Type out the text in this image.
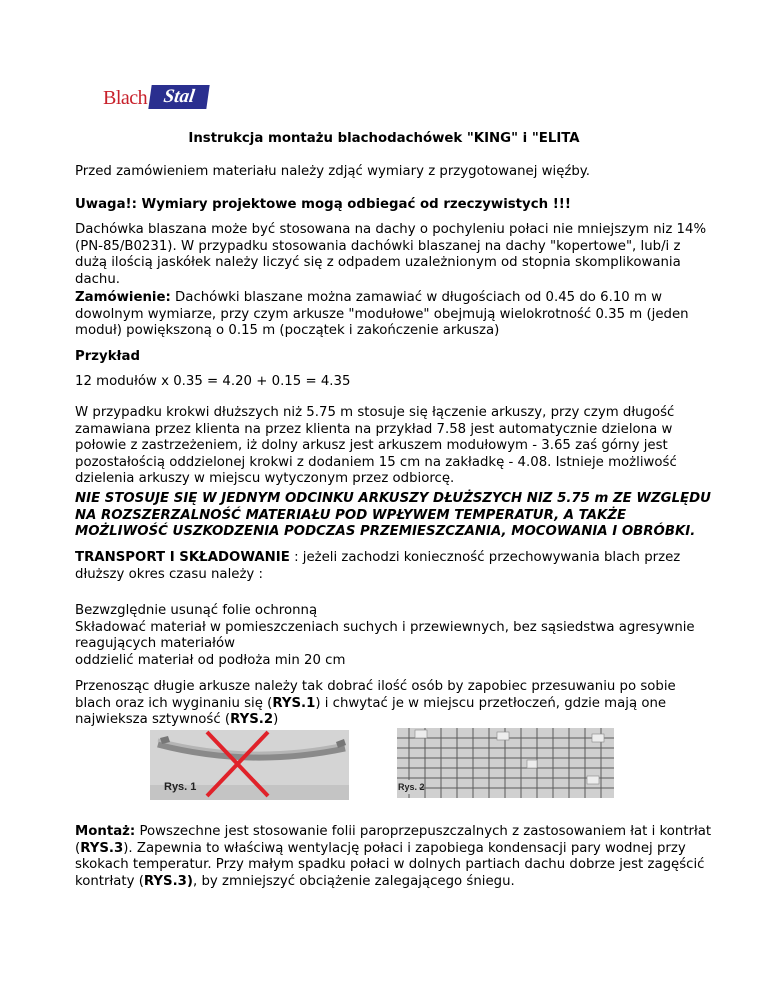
Blach Stal
Instrukcja montażu blachodachówek "KING" i "ELITA

Przed zamówieniem materiału należy zdjąć wymiary z przygotowanej więźby.

Uwaga!: Wymiary projektowe mogą odbiegać od rzeczywistych !!!

Dachówka blaszana może być stosowana na dachy o pochyleniu połaci nie mniejszym niz 14% (PN-85/B0231). W przypadku stosowania dachówki blaszanej na dachy "kopertowe", lub/i z dużą ilością jaskółek należy liczyć się z odpadem uzależnionym od stopnia skomplikowania dachu.

Zamówienie: Dachówki blaszane można zamawiać w długościach od 0.45 do 6.10 m w dowolnym wymiarze, przy czym arkusze "modułowe" obejmują wielokrotność 0.35 m (jeden moduł) powiększoną o 0.15 m (początek i zakończenie arkusza)

Przykład

12 modułów x 0.35 = 4.20 + 0.15 = 4.35

W przypadku krokwi dłuższych niż 5.75 m stosuje się łączenie arkuszy, przy czym długość zamawiana przez klienta na przez klienta na przykład 7.58 jest automatycznie dzielona w połowie z zastrzeżeniem, iż dolny arkusz jest arkuszem modułowym - 3.65 zaś górny jest pozostałością oddzielonej krokwi z dodaniem 15 cm na zakładkę - 4.08. Istnieje możliwość dzielenia arkuszy w miejscu wytyczonym przez odbiorcę.

NIE STOSUJE SIĘ W JEDNYM ODCINKU ARKUSZY DŁUŻSZYCH NIZ 5.75 m ZE WZGLĘDU NA ROZSZERZALNOŚĆ MATERIAŁU POD WPŁYWEM TEMPERATUR, A TAKŻE MOŻLIWOŚĆ USZKODZENIA PODCZAS PRZEMIESZCZANIA, MOCOWANIA I OBRÓBKI.

TRANSPORT I SKŁADOWANIE : jeżeli zachodzi konieczność przechowywania blach przez dłuższy okres czasu należy :

Bezwzględnie usunąć folie ochronną
Składować materiał w pomieszczeniach suchych i przewiewnych, bez sąsiedstwa agresywnie reagujących materiałów
oddzielić materiał od podłoża min 20 cm

Przenosząc długie arkusze należy tak dobrać ilość osób by zapobiec przesuwaniu po sobie blach oraz ich wyginaniu się (RYS.1) i chwytać je w miejscu przetłoczeń, gdzie mają one najwieksza sztywność (RYS.2)

Rys. 1	Rys. 2

Montaż: Powszechne jest stosowanie folii paroprzepuszczalnych z zastosowaniem łat i kontrłat (RYS.3). Zapewnia to właściwą wentylację połaci i zapobiega kondensacji pary wodnej przy skokach temperatur. Przy małym spadku połaci w dolnych partiach dachu dobrze jest zagęścić kontrłaty (RYS.3), by zmniejszyć obciążenie zalegającego śniegu.
